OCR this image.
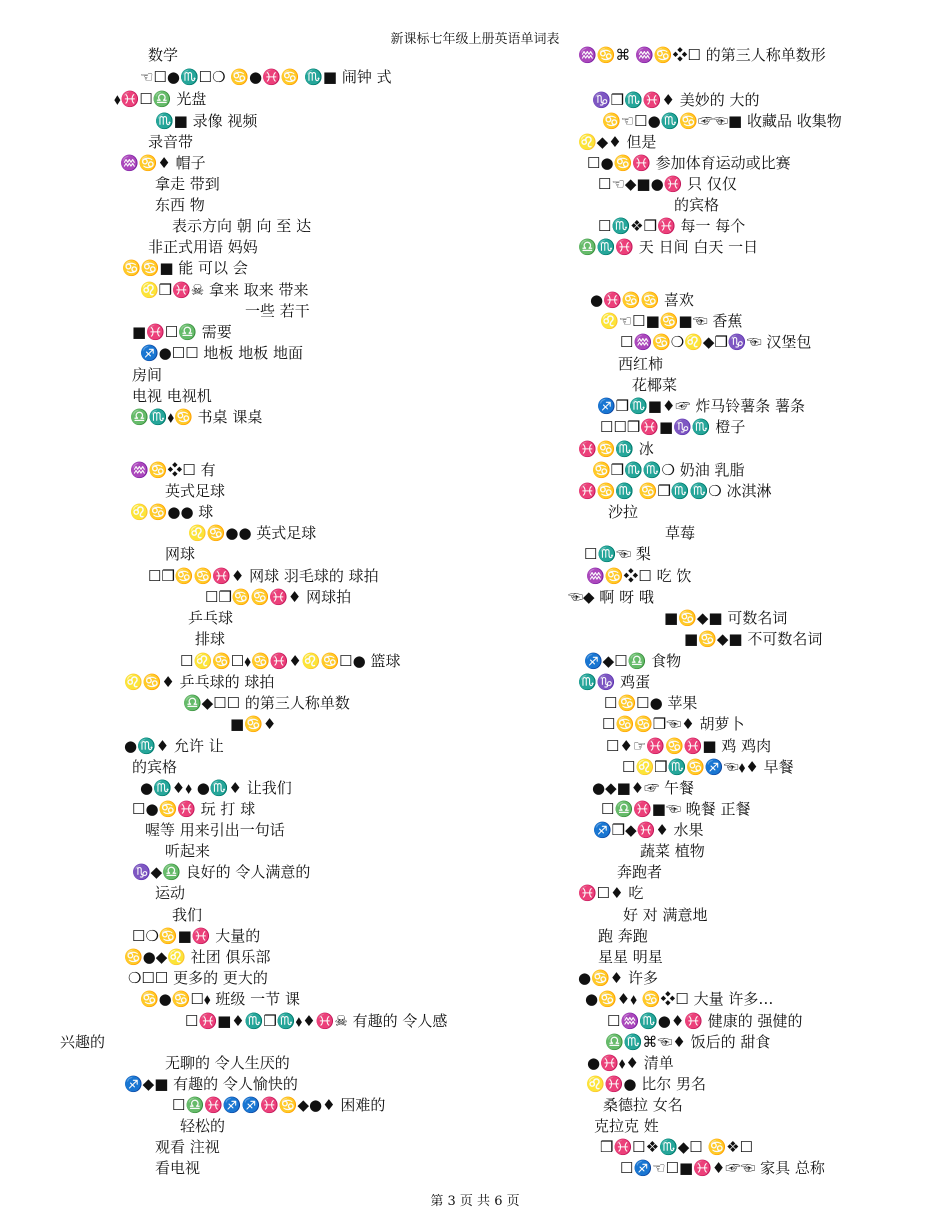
新课标七年级上册英语单词表
数学
☜☐●♏☐❍ ♋●♓♋ ♏■ 闹钟 式
⬧♓☐♎ 光盘
♏■ 录像 视频
录音带
♒♋♦ 帽子
拿走 带到
东西 物
表示方向 朝 向 至 达
非正式用语 妈妈
♋♋■ 能 可以 会
♌❒♓☠ 拿来 取来 带来
一些 若干
■♓☐♎ 需要
♐●☐☐ 地板 地板 地面
房间
电视 电视机
♎♏⬧♋ 书桌 课桌
♒♋❖☐ 有
英式足球
♌♋●● 球
♌♋●● 英式足球
网球
☐❒♋♋♓♦ 网球 羽毛球的 球拍
☐❒♋♋♓♦ 网球拍
乒乓球
排球
☐♌♋☐⬧♋♓♦♌♋☐● 篮球
♌♋♦ 乒乓球的 球拍
♎◆☐☐ 的第三人称单数
■♋♦
●♏♦ 允许 让
的宾格
●♏♦⬧ ●♏♦ 让我们
☐●♋♓ 玩 打 球
喔等 用来引出一句话
听起来
♑◆♎ 良好的 令人满意的
运动
我们
☐❍♋■♓ 大量的
♋●◆♌ 社团 俱乐部
❍☐☐ 更多的 更大的
♋●♋☐⬧ 班级 一节 课
☐♓■♦♏❒♏⬧♦♓☠ 有趣的 令人感
兴趣的
无聊的 令人生厌的
♐◆■ 有趣的 令人愉快的
☐♎♓♐♐♓♋◆●♦ 困难的
轻松的
观看 注视
看电视
♒♋⌘ ♒♋❖☐ 的第三人称单数形
♑❒♏♓♦ 美妙的 大的
♋☜☐●♏♋☞☜■ 收藏品 收集物
♌◆♦ 但是
☐●♋♓ 参加体育运动或比赛
☐☜◆■●♓ 只 仅仅
的宾格
☐♏❖❒♓ 每一 每个
♎♏♓ 天 日间 白天 一日
●♓♋♋ 喜欢
♌☜☐■♋■☜ 香蕉
☐♒♋❍♌◆❒♑☜ 汉堡包
西红柿
花椰菜
♐❒♏■♦☞ 炸马铃薯条 薯条
☐☐❒♓■♑♏ 橙子
♓♋♏ 冰
♋❒♏♏❍ 奶油 乳脂
♓♋♏ ♋❒♏♏❍ 冰淇淋
沙拉
草莓
☐♏☜ 梨
♒♋❖☐ 吃 饮
☜◆ 啊 呀 哦
■♋◆■ 可数名词
■♋◆■ 不可数名词
♐◆☐♎ 食物
♏♑ 鸡蛋
☐♋☐● 苹果
☐♋♋❒☜♦ 胡萝卜
☐♦☞♓♋♓■ 鸡 鸡肉
☐♌❒♏♋♐☜⬧♦ 早餐
●◆■♦☞ 午餐
☐♎♓■☜ 晚餐 正餐
♐❒◆♓♦ 水果
蔬菜 植物
奔跑者
♓☐♦ 吃
好 对 满意地
跑 奔跑
星星 明星
●♋♦ 许多
●♋♦⬧ ♋❖☐ 大量 许多…
☐♒♏●♦♓ 健康的 强健的
♎♏⌘☜♦ 饭后的 甜食
●♓⬧♦ 清单
♌♓● 比尔 男名
桑德拉 女名
克拉克 姓
❒♓☐❖♏◆☐ ♋❖☐
☐♐☜☐■♓♦☞☜ 家具 总称
第 3 页 共 6 页
